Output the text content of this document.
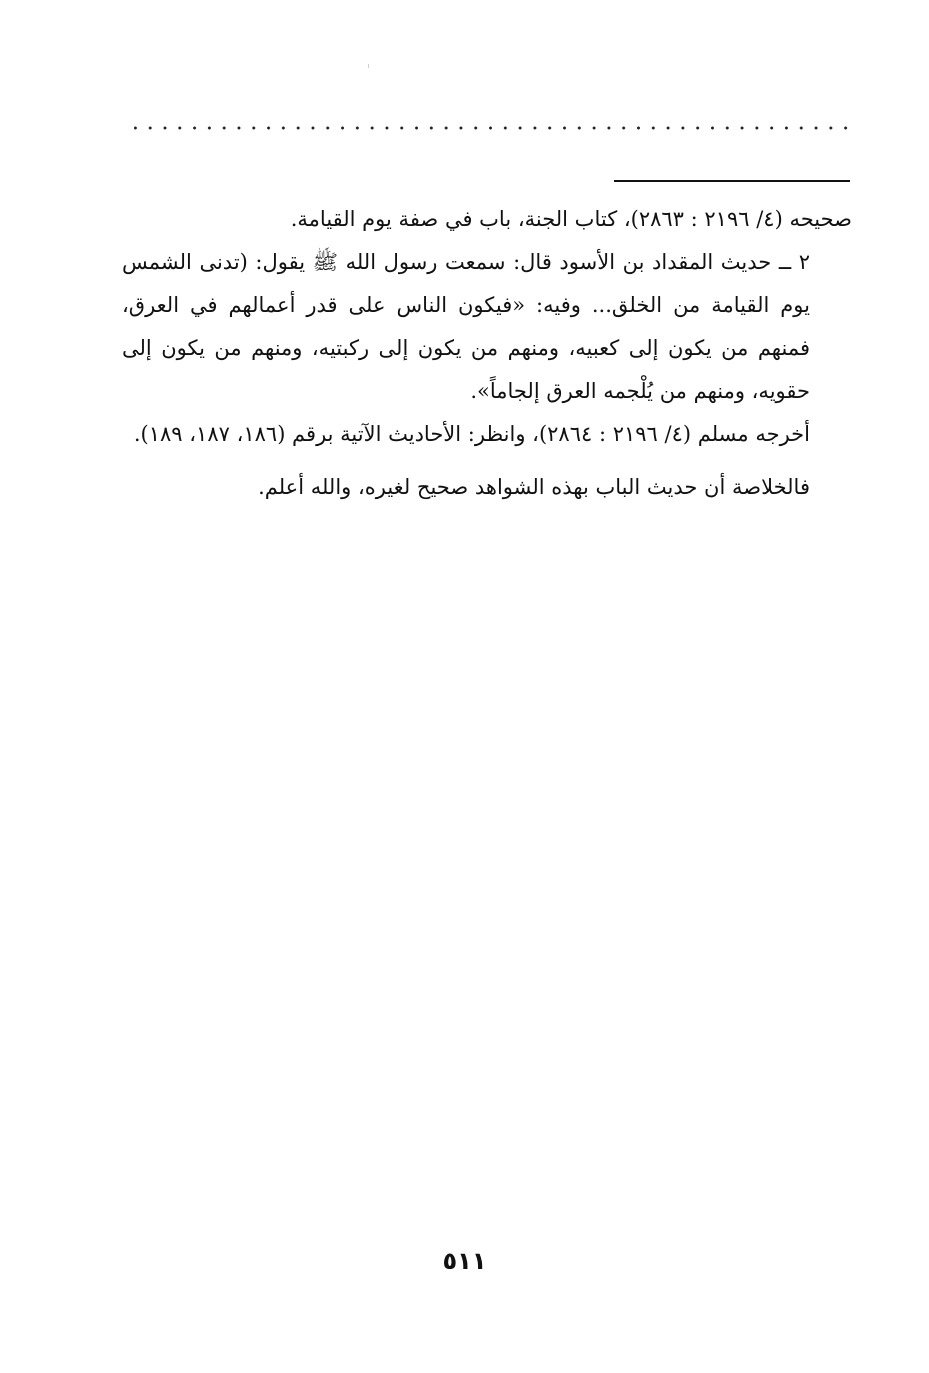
صحيحه (٤/ ٢١٩٦ : ٢٨٦٣)، كتاب الجنة، باب في صفة يوم القيامة.

٢ ــ حديث المقداد بن الأسود قال: سمعت رسول الله ﷺ يقول: (تدنى الشمس يوم القيامة من الخلق... وفيه: «فيكون الناس على قدر أعمالهم في العرق، فمنهم من يكون إلى كعبيه، ومنهم من يكون إلى ركبتيه، ومنهم من يكون إلى حقويه، ومنهم من يُلْجمه العرق إلجاماً».

أخرجه مسلم (٤/ ٢١٩٦ : ٢٨٦٤)، وانظر: الأحاديث الآتية برقم (١٨٦، ١٨٧، ١٨٩).

فالخلاصة أن حديث الباب بهذه الشواهد صحيح لغيره، والله أعلم.

٥١١
